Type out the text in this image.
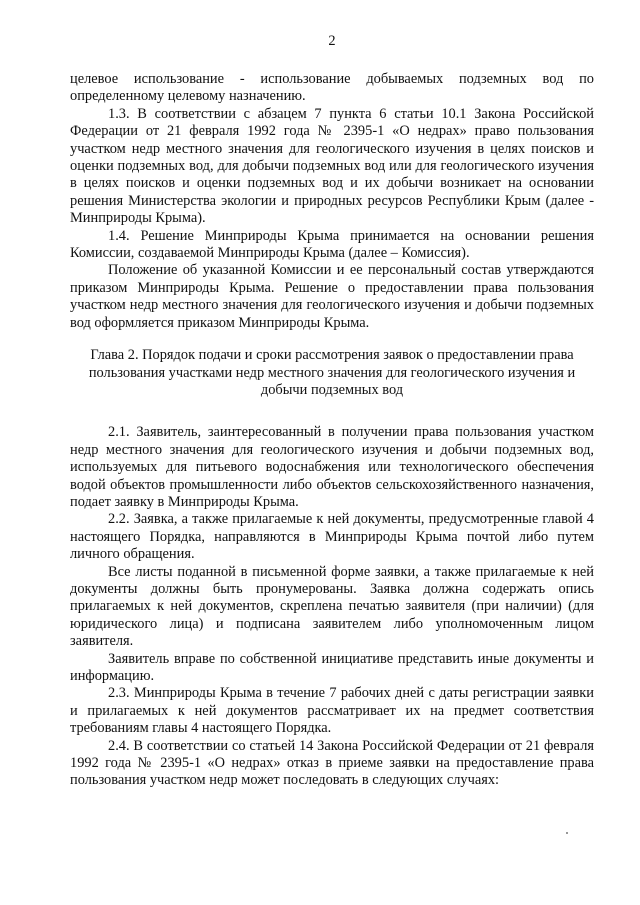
2

целевое использование - использование добываемых подземных вод по определенному целевому назначению.

1.3. В соответствии с абзацем 7 пункта 6 статьи 10.1 Закона Российской Федерации от 21 февраля 1992 года № 2395-1 «О недрах» право пользования участком недр местного значения для геологического изучения в целях поисков и оценки подземных вод, для добычи подземных вод или для геологического изучения в целях поисков и оценки подземных вод и их добычи возникает на основании решения Министерства экологии и природных ресурсов Республики Крым (далее - Минприроды Крыма).

1.4. Решение Минприроды Крыма принимается на основании решения Комиссии, создаваемой Минприроды Крыма (далее – Комиссия).

Положение об указанной Комиссии и ее персональный состав утверждаются приказом Минприроды Крыма. Решение о предоставлении права пользования участком недр местного значения для геологического изучения и добычи подземных вод оформляется приказом Минприроды Крыма.

Глава 2. Порядок подачи и сроки рассмотрения заявок о предоставлении права пользования участками недр местного значения для геологического изучения и добычи подземных вод

2.1. Заявитель, заинтересованный в получении права пользования участком недр местного значения для геологического изучения и добычи подземных вод, используемых для питьевого водоснабжения или технологического обеспечения водой объектов промышленности либо объектов сельскохозяйственного назначения, подает заявку в Минприроды Крыма.

2.2. Заявка, а также прилагаемые к ней документы, предусмотренные главой 4 настоящего Порядка, направляются в Минприроды Крыма почтой либо путем личного обращения.

Все листы поданной в письменной форме заявки, а также прилагаемые к ней документы должны быть пронумерованы. Заявка должна содержать опись прилагаемых к ней документов, скреплена печатью заявителя (при наличии) (для юридического лица) и подписана заявителем либо уполномоченным лицом заявителя.

Заявитель вправе по собственной инициативе представить иные документы и информацию.

2.3. Минприроды Крыма в течение 7 рабочих дней с даты регистрации заявки и прилагаемых к ней документов рассматривает их на предмет соответствия требованиям главы 4 настоящего Порядка.

2.4. В соответствии со статьей 14 Закона Российской Федерации от 21 февраля 1992 года № 2395-1 «О недрах» отказ в приеме заявки на предоставление права пользования участком недр может последовать в следующих случаях:
